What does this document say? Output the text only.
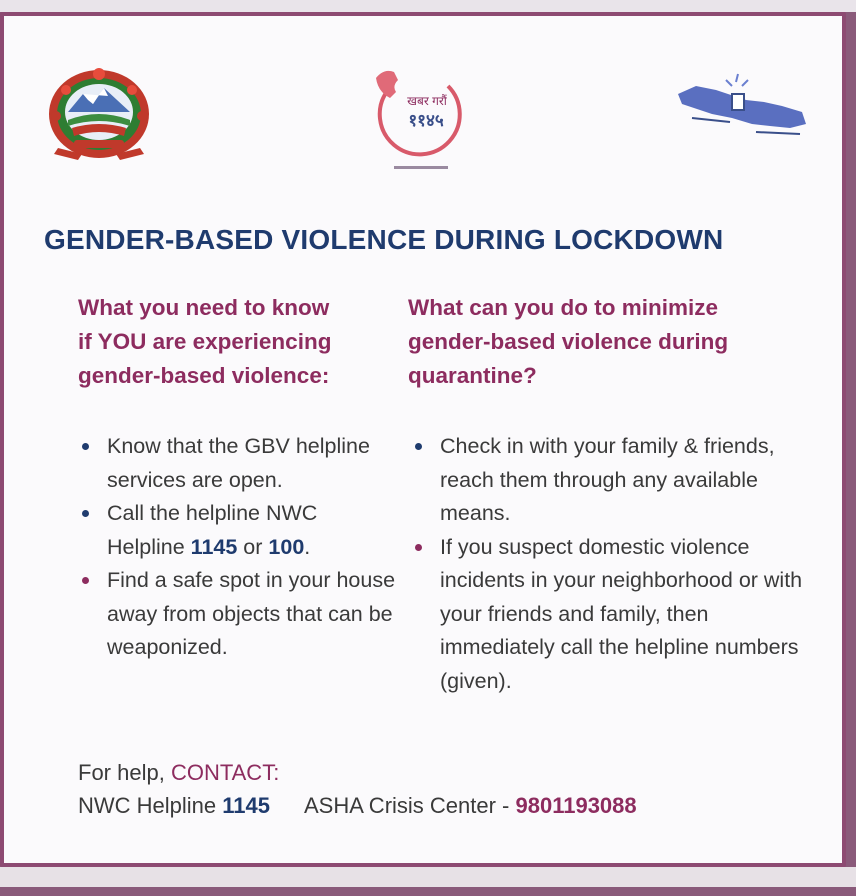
खबर गरौं
११४५
GENDER-BASED VIOLENCE DURING LOCKDOWN
What you need to know
if YOU are experiencing
gender-based violence:
What can you do to minimize
gender-based violence during
quarantine?
Know that the GBV helpline services are open.
Call the helpline NWC Helpline 1145 or 100.
Find a safe spot in your house away from objects that can be weaponized.
Check in with your family & friends, reach them through any available means.
If you suspect domestic violence incidents in your neighborhood or with your friends and family, then immediately call the helpline numbers (given).
For help, CONTACT:
NWC Helpline 1145 ASHA Crisis Center - 9801193088
